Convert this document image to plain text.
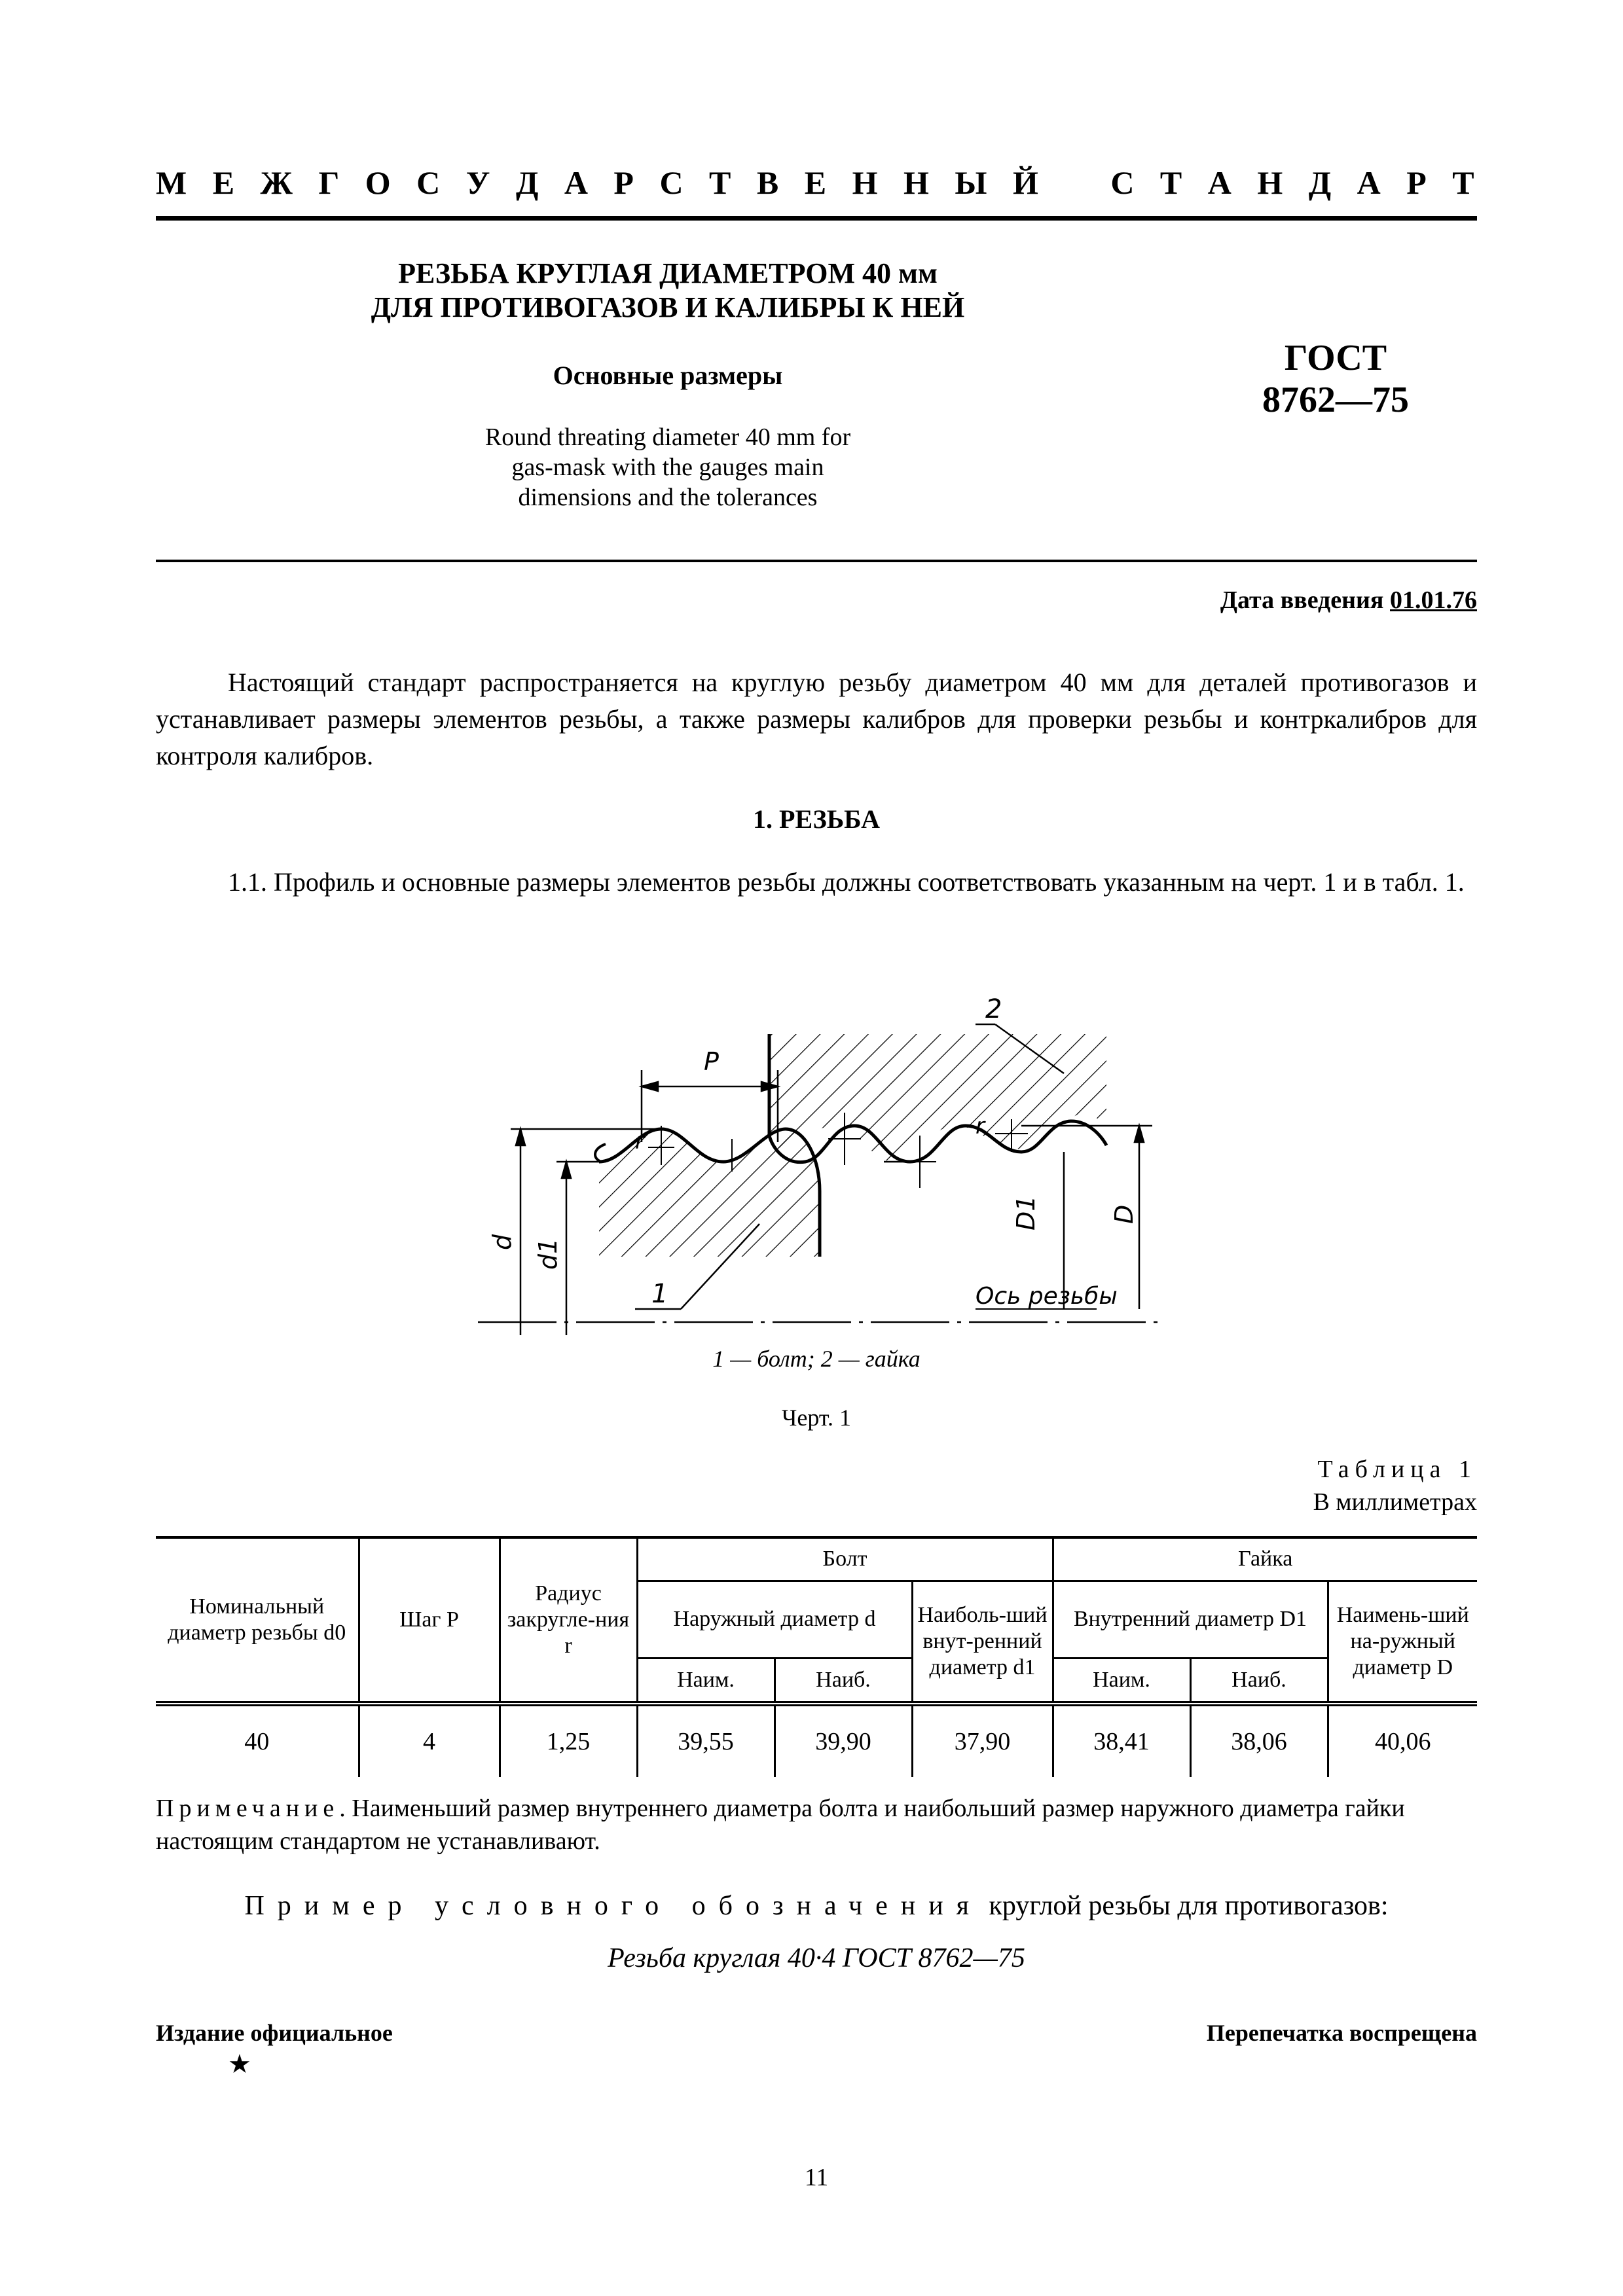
М Е Ж Г О С У Д А Р С Т В Е Н Н Ы Й С Т А Н Д А Р Т
РЕЗЬБА КРУГЛАЯ ДИАМЕТРОМ 40 мм
ДЛЯ ПРОТИВОГАЗОВ И КАЛИБРЫ К НЕЙ
Основные размеры
Round threating diameter 40 mm for
gas-mask with the gauges main
dimensions and the tolerances
ГОСТ
8762—75
Дата введения 01.01.76
Настоящий стандарт распространяется на круглую резьбу диаметром 40 мм для деталей противогазов и устанавливает размеры элементов резьбы, а также размеры калибров для проверки резьбы и контркалибров для контроля калибров.
1. РЕЗЬБА
1.1. Профиль и основные размеры элементов резьбы должны соответствовать указанным на черт. 1 и в табл. 1.
P
r
r
2
1
d d1
D1	D
Ось резьбы
1 — болт; 2 — гайка
Черт. 1
Таблица 1
В миллиметрах
Номинальный диаметр резьбы d0	Шаг P	Радиус закругле-ния r	Болт			Гайка		
			Наружный диаметр d		Наиболь-ший внут-ренний диаметр d1	Внутренний диаметр D1		Наимень-ший на-ружный диаметр D
			Наим.	Наиб.		Наим.	Наиб.	
40	4	1,25	39,55	39,90	37,90	38,41	38,06	40,06
Примечание. Наименьший размер внутреннего диаметра болта и наибольший размер наружного диаметра гайки настоящим стандартом не устанавливают.
Пример условного обозначения круглой резьбы для противогазов:
Резьба круглая 40·4 ГОСТ 8762—75
Издание официальное	Перепечатка воспрещена
★
11
